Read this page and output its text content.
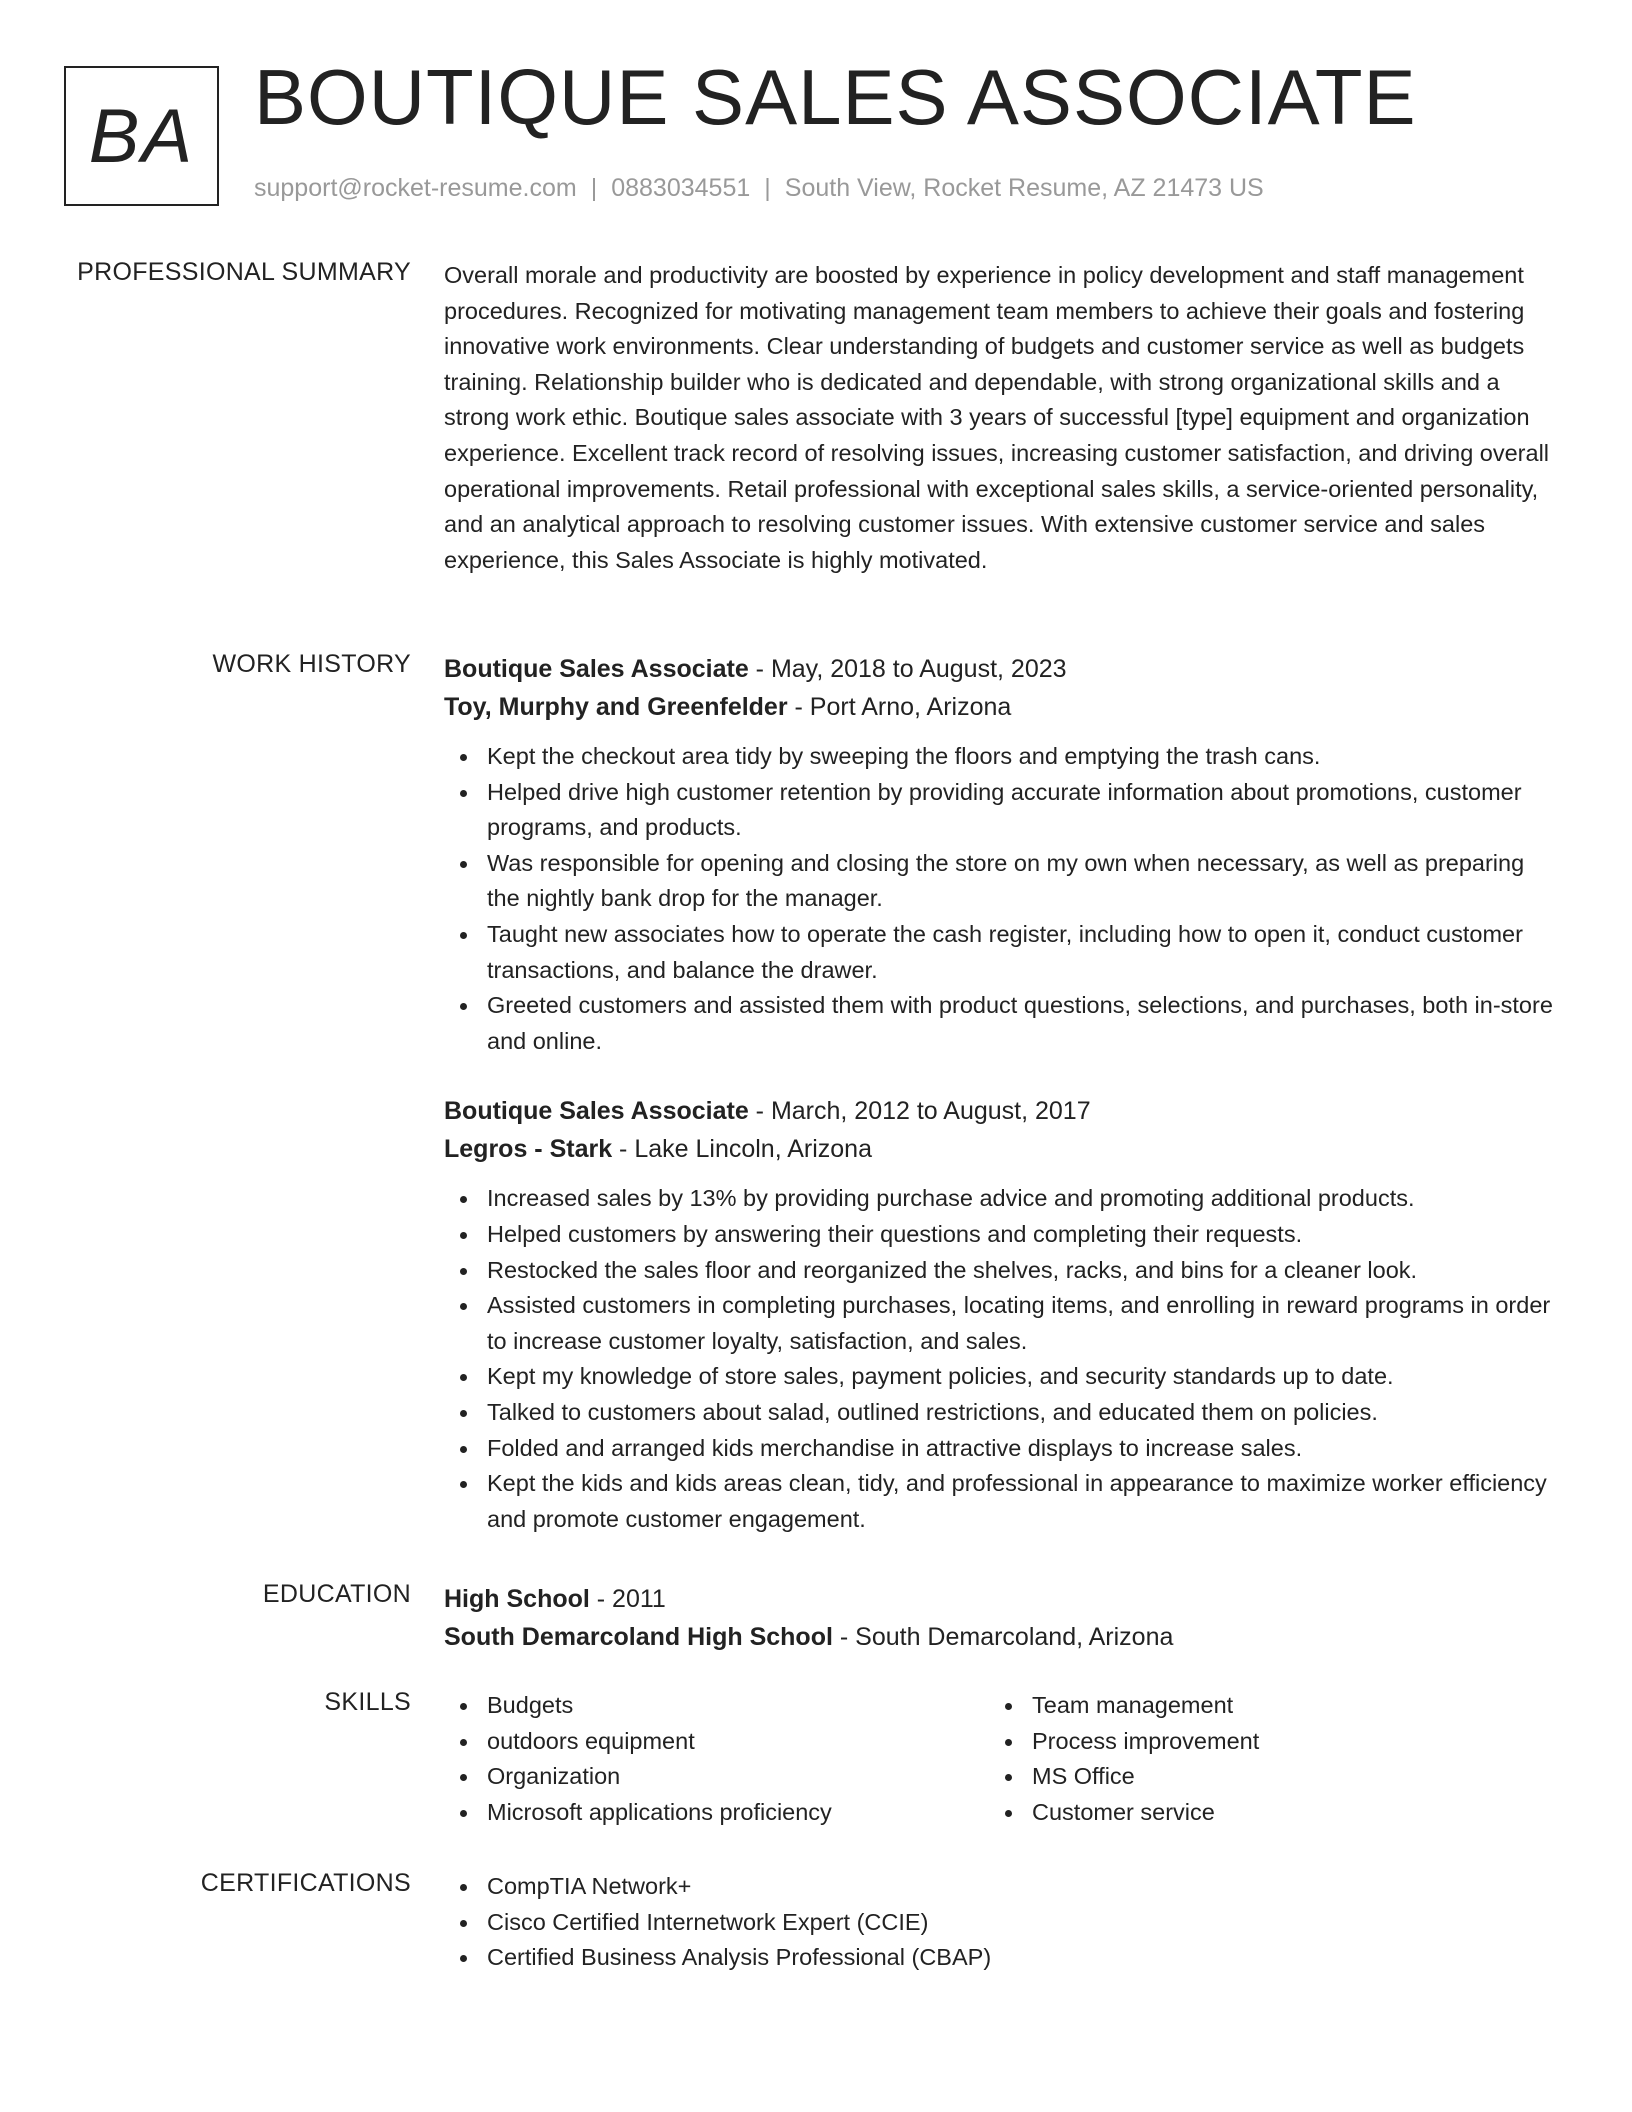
BA BOUTIQUE SALES ASSOCIATE
support@rocket-resume.com | 0883034551 | South View, Rocket Resume, AZ 21473 US
PROFESSIONAL SUMMARY Overall morale and productivity are boosted by experience in policy development and staff management procedures. Recognized for motivating management team members to achieve their goals and fostering innovative work environments. Clear understanding of budgets and customer service as well as budgets training. Relationship builder who is dedicated and dependable, with strong organizational skills and a strong work ethic. Boutique sales associate with 3 years of successful [type] equipment and organization experience. Excellent track record of resolving issues, increasing customer satisfaction, and driving overall operational improvements. Retail professional with exceptional sales skills, a service-oriented personality, and an analytical approach to resolving customer issues. With extensive customer service and sales experience, this Sales Associate is highly motivated.

WORK HISTORY Boutique Sales Associate - May, 2018 to August, 2023
Toy, Murphy and Greenfelder - Port Arno, Arizona
Kept the checkout area tidy by sweeping the floors and emptying the trash cans.
Helped drive high customer retention by providing accurate information about promotions, customer programs, and products.
Was responsible for opening and closing the store on my own when necessary, as well as preparing the nightly bank drop for the manager.
Taught new associates how to operate the cash register, including how to open it, conduct customer transactions, and balance the drawer.
Greeted customers and assisted them with product questions, selections, and purchases, both in-store and online.
Boutique Sales Associate - March, 2012 to August, 2017
Legros - Stark - Lake Lincoln, Arizona
Increased sales by 13% by providing purchase advice and promoting additional products.
Helped customers by answering their questions and completing their requests.
Restocked the sales floor and reorganized the shelves, racks, and bins for a cleaner look.
Assisted customers in completing purchases, locating items, and enrolling in reward programs in order to increase customer loyalty, satisfaction, and sales.
Kept my knowledge of store sales, payment policies, and security standards up to date.
Talked to customers about salad, outlined restrictions, and educated them on policies.
Folded and arranged kids merchandise in attractive displays to increase sales.
Kept the kids and kids areas clean, tidy, and professional in appearance to maximize worker efficiency and promote customer engagement.
EDUCATION High School - 2011
South Demarcoland High School - South Demarcoland, Arizona
SKILLS	Budgets
outdoors equipment
Organization
Microsoft applications proficiency
Team management
Process improvement
MS Office
Customer service
CERTIFICATIONS	CompTIA Network+
Cisco Certified Internetwork Expert (CCIE)
Certified Business Analysis Professional (CBAP)
